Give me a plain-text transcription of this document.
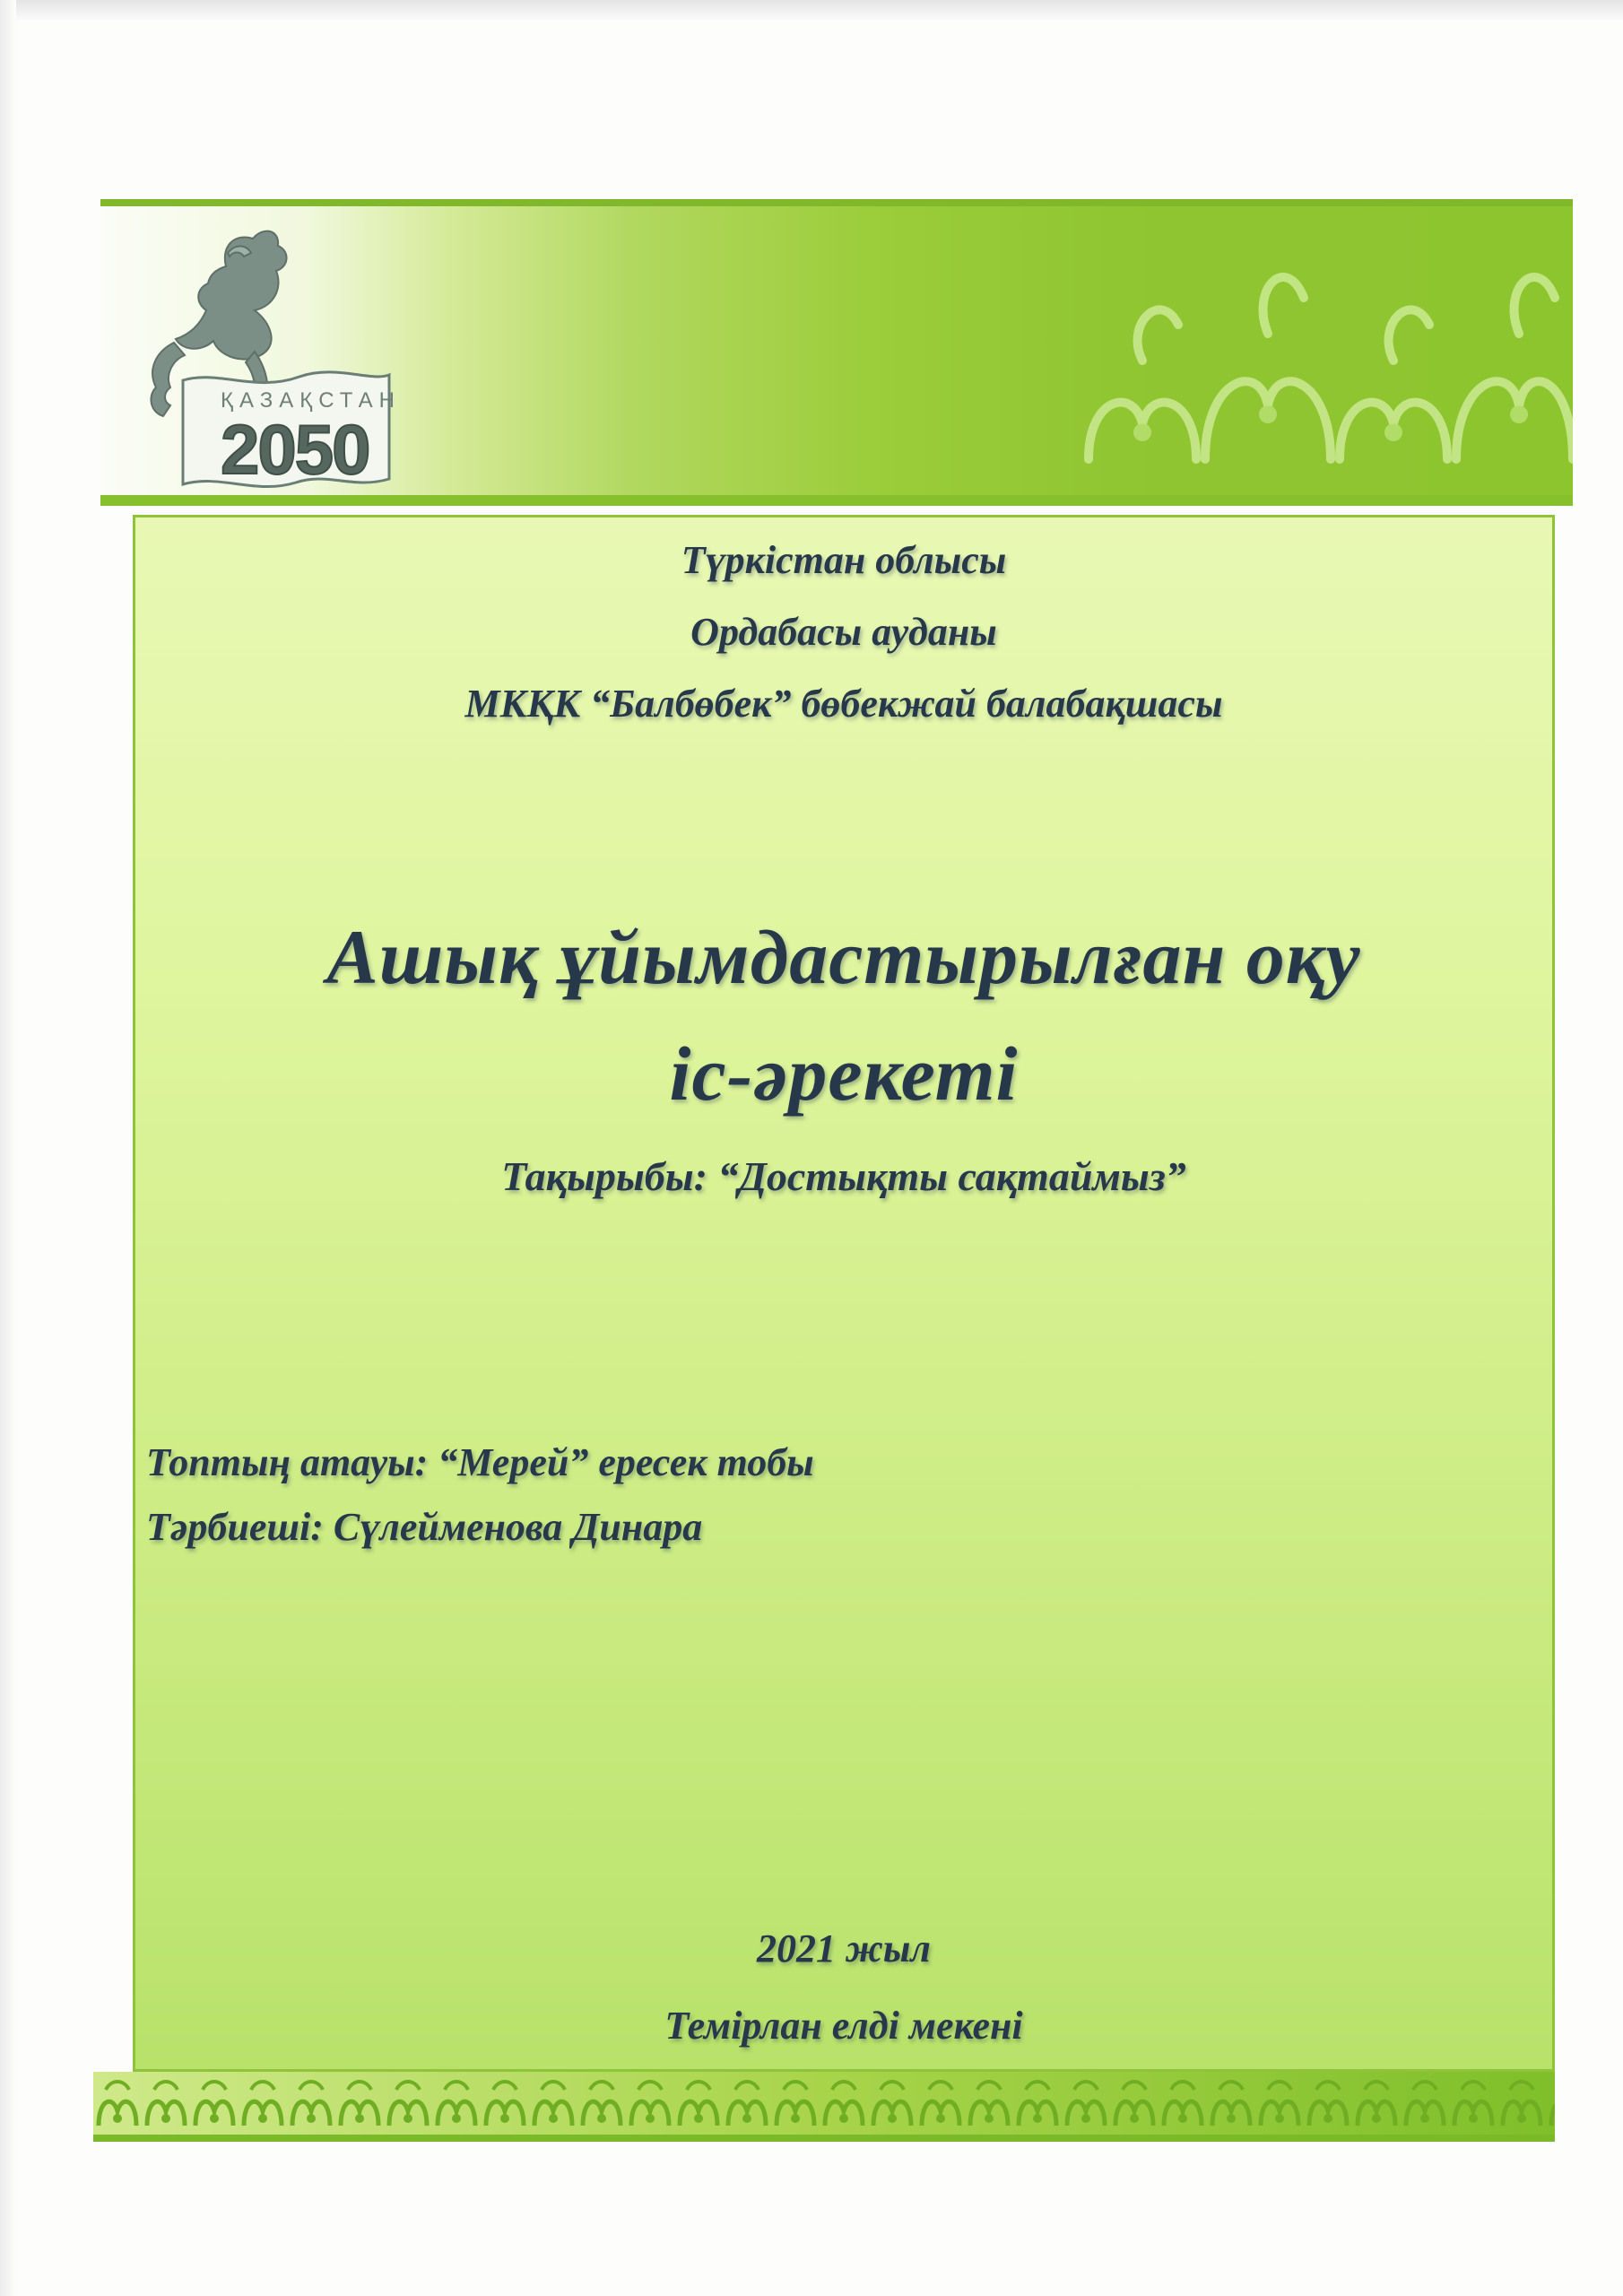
ҚАЗАҚСТАН
2050
Түркістан облысы
Ордабасы ауданы
МКҚК “Балбөбек” бөбекжай балабақшасы
Ашық ұйымдастырылған оқу
іс-әрекеті
Тақырыбы: “Достықты сақтаймыз”
Топтың атауы: “Мерей” ересек тобы
Тәрбиеші: Сүлейменова Динара
2021 жыл
Темірлан елді мекені
